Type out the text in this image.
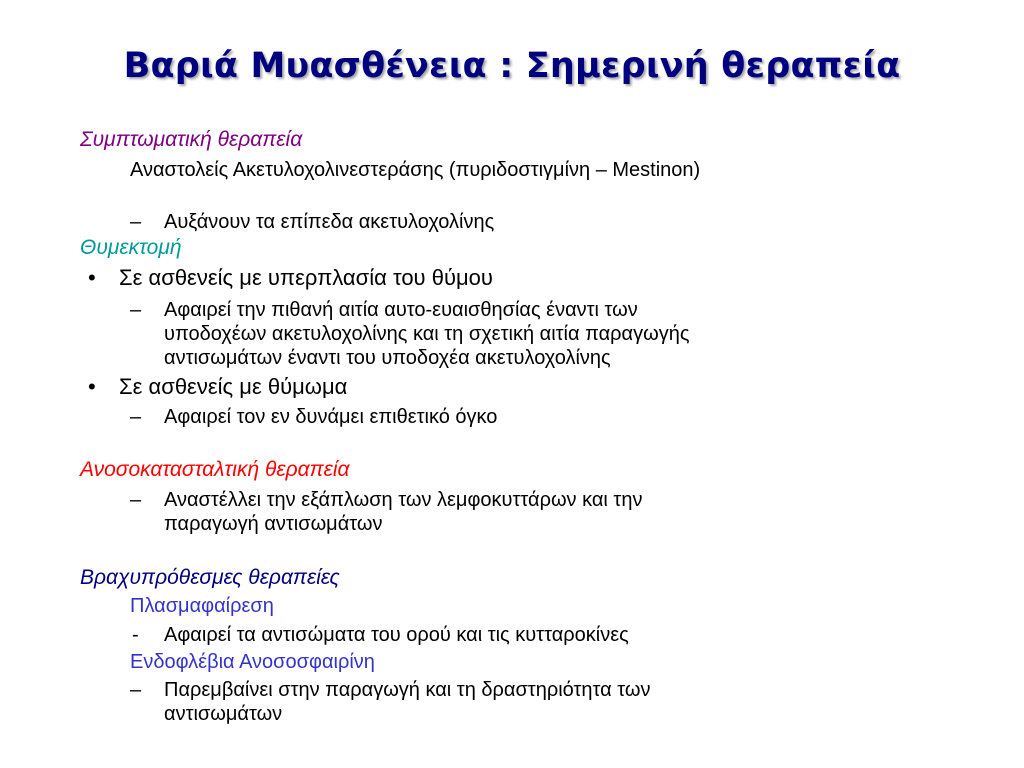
Βαριά Μυασθένεια : Σημερινή θεραπεία
Συμπτωματική θεραπεία
Αναστολείς Ακετυλοχολινεστεράσης (πυριδοστιγμίνη – Mestinon)
– Αυξάνουν τα επίπεδα ακετυλοχολίνης
Θυμεκτομή
• Σε ασθενείς με υπερπλασία του θύμου
– Αφαιρεί την πιθανή αιτία αυτο-ευαισθησίας έναντι των
υποδοχέων ακετυλοχολίνης και τη σχετική αιτία παραγωγής
αντισωμάτων έναντι του υποδοχέα ακετυλοχολίνης
• Σε ασθενείς με θύμωμα
– Αφαιρεί τον εν δυνάμει επιθετικό όγκο
Ανοσοκατασταλτική θεραπεία
– Αναστέλλει την εξάπλωση των λεμφοκυττάρων και την
παραγωγή αντισωμάτων
Βραχυπρόθεσμες θεραπείες
Πλασμαφαίρεση
- Αφαιρεί τα αντισώματα του ορού και τις κυτταροκίνες
Ενδοφλέβια Ανοσοσφαιρίνη
– Παρεμβαίνει στην παραγωγή και τη δραστηριότητα των
αντισωμάτων
